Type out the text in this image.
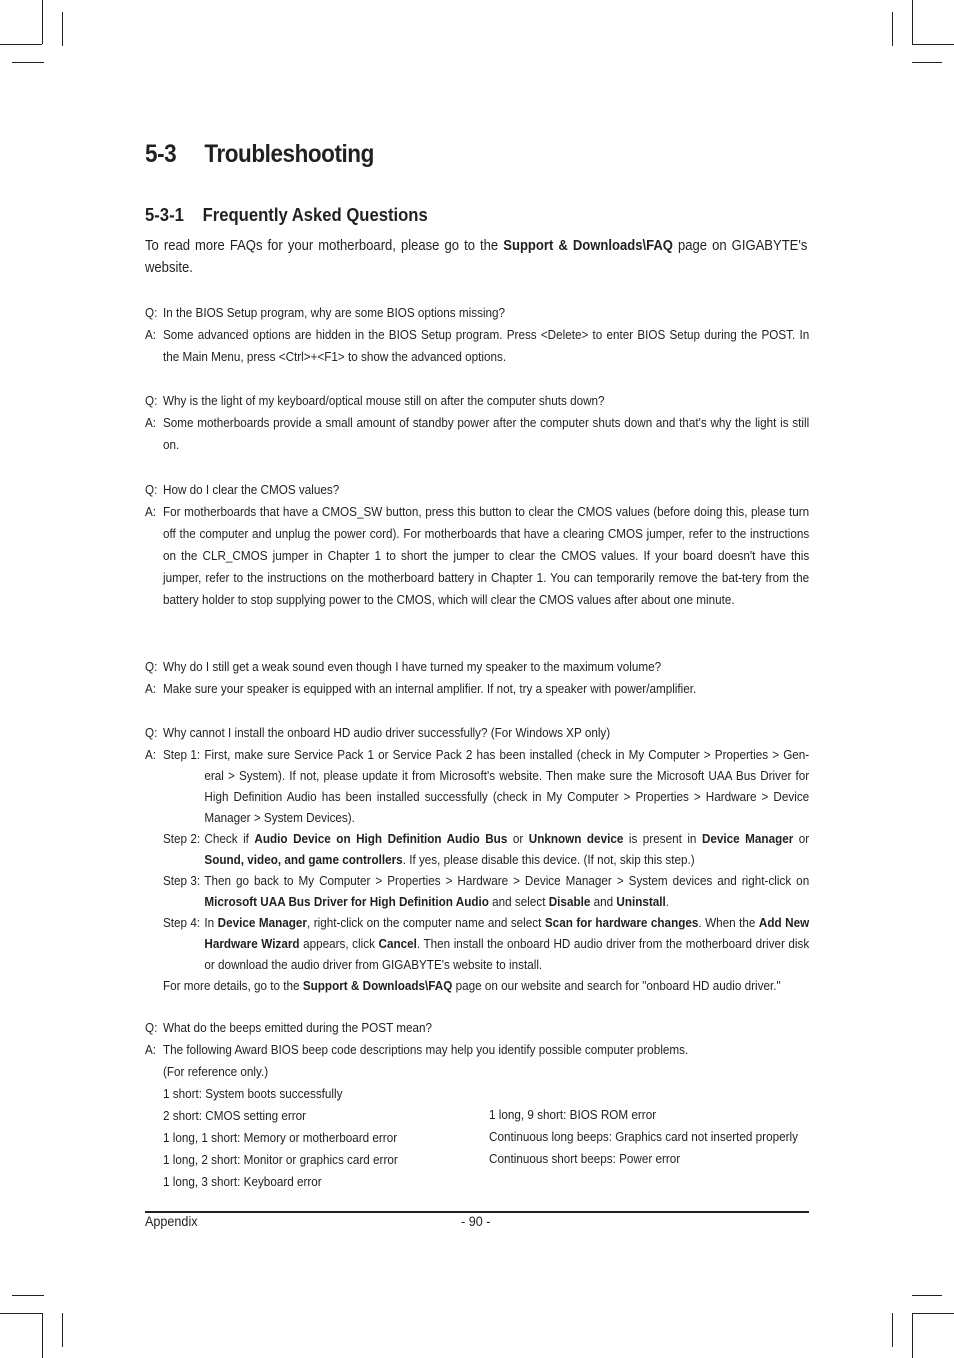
5-3 Troubleshooting
5-3-1 Frequently Asked Questions
To read more FAQs for your motherboard, please go to the Support & Downloads\FAQ page on GIGABYTE's website.
Q: In the BIOS Setup program, why are some BIOS options missing?
A: Some advanced options are hidden in the BIOS Setup program. Press <Delete> to enter BIOS Setup during the POST. In the Main Menu, press <Ctrl>+<F1> to show the advanced options.
Q: Why is the light of my keyboard/optical mouse still on after the computer shuts down?
A: Some motherboards provide a small amount of standby power after the computer shuts down and that's why the light is still on.
Q: How do I clear the CMOS values?
A: For motherboards that have a CMOS_SW button, press this button to clear the CMOS values (before doing this, please turn off the computer and unplug the power cord). For motherboards that have a clearing CMOS jumper, refer to the instructions on the CLR_CMOS jumper in Chapter 1 to short the jumper to clear the CMOS values. If your board doesn't have this jumper, refer to the instructions on the motherboard battery in Chapter 1. You can temporarily remove the bat-tery from the battery holder to stop supplying power to the CMOS, which will clear the CMOS values after about one minute.
Q: Why do I still get a weak sound even though I have turned my speaker to the maximum volume?
A: Make sure your speaker is equipped with an internal amplifier. If not, try a speaker with power/amplifier.
Q: Why cannot I install the onboard HD audio driver successfully? (For Windows XP only)
A: Step 1: First, make sure Service Pack 1 or Service Pack 2 has been installed (check in My Computer > Properties > Gen-eral > System). If not, please update it from Microsoft's website. Then make sure the Microsoft UAA Bus Driver for High Definition Audio has been installed successfully (check in My Computer > Properties > Hardware > Device Manager > System Devices).
Step 2: Check if Audio Device on High Definition Audio Bus or Unknown device is present in Device Manager or Sound, video, and game controllers. If yes, please disable this device. (If not, skip this step.)
Step 3: Then go back to My Computer > Properties > Hardware > Device Manager > System devices and right-click on Microsoft UAA Bus Driver for High Definition Audio and select Disable and Uninstall.
Step 4: In Device Manager, right-click on the computer name and select Scan for hardware changes. When the Add New Hardware Wizard appears, click Cancel. Then install the onboard HD audio driver from the motherboard driver disk or download the audio driver from GIGABYTE's website to install.
For more details, go to the Support & Downloads\FAQ page on our website and search for "onboard HD audio driver."
Q: What do the beeps emitted during the POST mean?
A: The following Award BIOS beep code descriptions may help you identify possible computer problems.
(For reference only.)
1 short: System boots successfully
2 short: CMOS setting error
1 long, 1 short: Memory or motherboard error
1 long, 2 short: Monitor or graphics card error
1 long, 3 short: Keyboard error
1 long, 9 short: BIOS ROM error
Continuous long beeps: Graphics card not inserted properly
Continuous short beeps: Power error
Appendix	- 90 -
